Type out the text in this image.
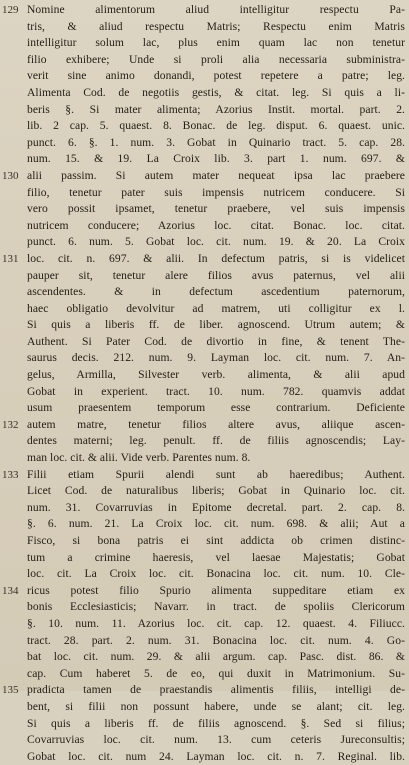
129 Nomine alimentorum aliud intelligitur respectu Pa-
tris, & aliud respectu Matris; Respectu enim Matris
intelligitur solum lac, plus enim quam lac non tenetur
filio exhibere; Unde si proli alia necessaria subministra-
verit sine animo donandi, potest repetere a patre; leg.
Alimenta Cod. de negotiis gestis, & citat. leg. Si quis a li-
beris §. Si mater alimenta; Azorius Instit. mortal. part. 2.
lib. 2 cap. 5. quaest. 8. Bonac. de leg. disput. 6. quaest. unic.
punct. 6. §. 1. num. 3. Gobat in Quinario tract. 5. cap. 28.
num. 15. & 19. La Croix lib. 3. part 1. num. 697. &
130 alii passim. Si autem mater nequeat ipsa lac praebere
filio, tenetur pater suis impensis nutricem conducere. Si
vero possit ipsamet, tenetur praebere, vel suis impensis
nutricem conducere; Azorius loc. citat. Bonac. loc. citat.
punct. 6. num. 5. Gobat loc. cit. num. 19. & 20. La Croix
131 loc. cit. n. 697. & alii. In defectum patris, si is videlicet
pauper sit, tenetur alere filios avus paternus, vel alii
ascendentes. & in defectum ascedentium paternorum,
haec obligatio devolvitur ad matrem, uti colligitur ex l.
Si quis a liberis ff. de liber. agnoscend. Utrum autem; &
Authent. Si Pater Cod. de divortio in fine, & tenent The-
saurus decis. 212. num. 9. Layman loc. cit. num. 7. An-
gelus, Armilla, Silvester verb. alimenta, & alii apud
Gobat in experient. tract. 10. num. 782. quamvis addat
usum praesentem temporum esse contrarium. Deficiente
132 autem matre, tenetur filios altere avus, aliique ascen-
dentes materni; leg. penult. ff. de filiis agnoscendis; Lay-
man loc. cit. & alii. Vide verb. Parentes num. 8.
133 Filii etiam Spurii alendi sunt ab haeredibus; Authent.
Licet Cod. de naturalibus liberis; Gobat in Quinario loc. cit.
num. 31. Covarruvias in Epitome decretal. part. 2. cap. 8.
§. 6. num. 21. La Croix loc. cit. num. 698. & alii; Aut a
Fisco, si bona patris ei sint addicta ob crimen distinc-
tum a crimine haeresis, vel laesae Majestatis; Gobat
loc. cit. La Croix loc. cit. Bonacina loc. cit. num. 10. Cle-
134 ricus potest filio Spurio alimenta suppeditare etiam ex
bonis Ecclesiasticis; Navarr. in tract. de spoliis Clericorum
§. 10. num. 11. Azorius loc. cit. cap. 12. quaest. 4. Filiucc.
tract. 28. part. 2. num. 31. Bonacina loc. cit. num. 4. Go-
bat loc. cit. num. 29. & alii argum. cap. Pasc. dist. 86. &
cap. Cum haberet 5. de eo, qui duxit in Matrimonium. Su-
135 pradicta tamen de praestandis alimentis filiis, intelligi de-
bent, si filii non possunt habere, unde se alant; cit. leg.
Si quis a liberis ff. de filiis agnoscend. §. Sed si filius;
Covarruvias loc. cit. num. 13. cum ceteris Jureconsultis;
Gobat loc. cit. num 24. Layman loc. cit. n. 7. Reginal. lib.
